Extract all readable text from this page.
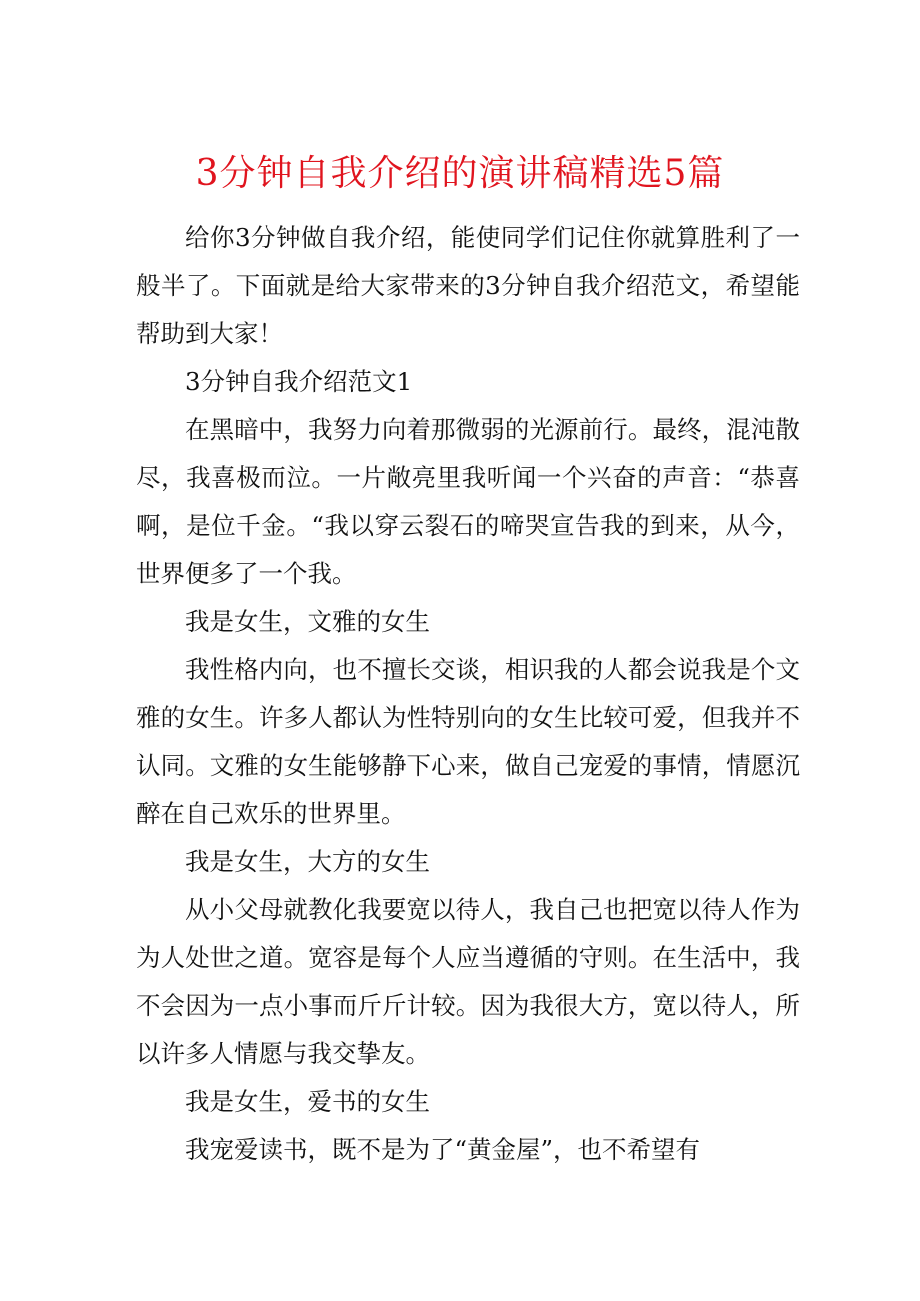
3分钟自我介绍的演讲稿精选5篇

给你3分钟做自我介绍，能使同学们记住你就算胜利了一般半了。下面就是给大家带来的3分钟自我介绍范文，希望能帮助到大家！

3分钟自我介绍范文1

在黑暗中，我努力向着那微弱的光源前行。最终，混沌散尽，我喜极而泣。一片敞亮里我听闻一个兴奋的声音：“恭喜啊，是位千金。“我以穿云裂石的啼哭宣告我的到来，从今，世界便多了一个我。

我是女生，文雅的女生

我性格内向，也不擅长交谈，相识我的人都会说我是个文雅的女生。许多人都认为性特别向的女生比较可爱，但我并不认同。文雅的女生能够静下心来，做自己宠爱的事情，情愿沉醉在自己欢乐的世界里。

我是女生，大方的女生

从小父母就教化我要宽以待人，我自己也把宽以待人作为为人处世之道。宽容是每个人应当遵循的守则。在生活中，我不会因为一点小事而斤斤计较。因为我很大方，宽以待人，所以许多人情愿与我交挚友。

我是女生，爱书的女生

我宠爱读书，既不是为了“黄金屋”，也不希望有
